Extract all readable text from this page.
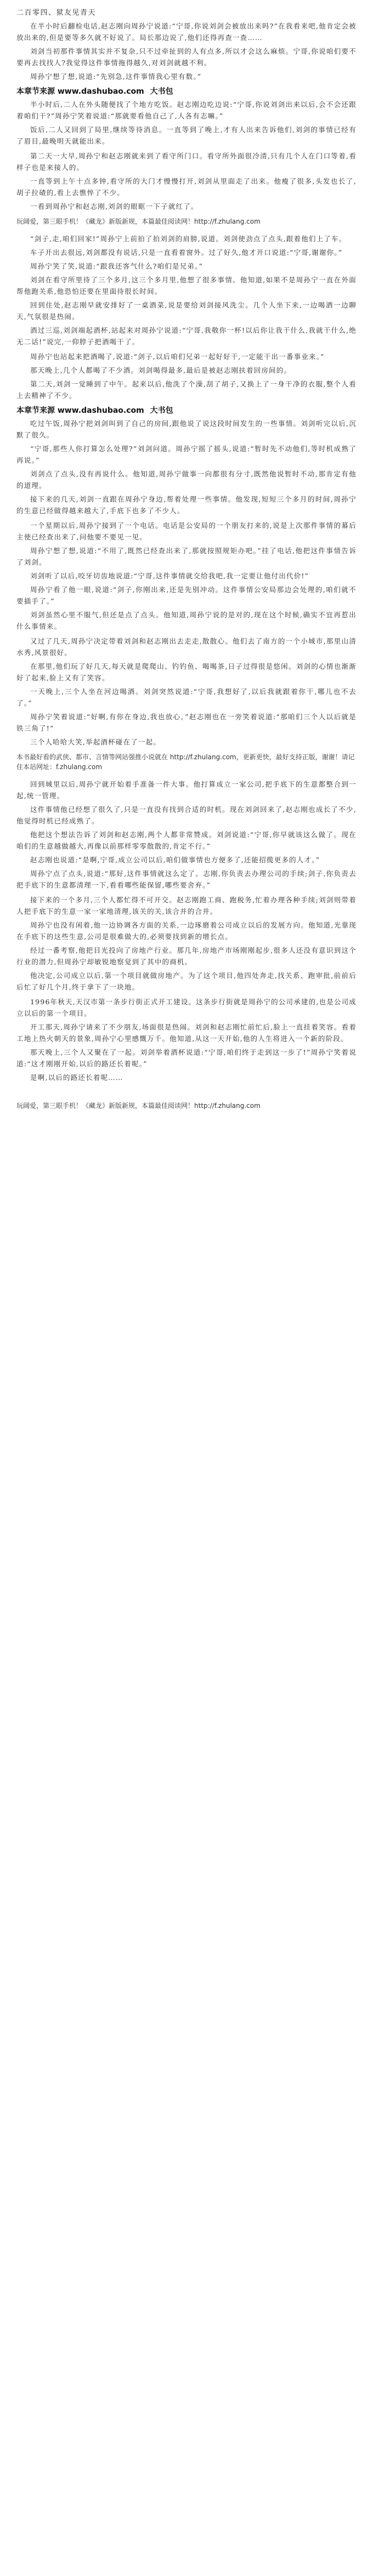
二百零四、狱友见青天

在半小时后翻检电话,赵志刚向周孙宁说道:“宁哥,你说刘剑会被放出来吗?”在我看来吧,他肯定会被放出来的,但是要等多久就不好说了。局长那边说了,他们还得再查一查……

刘剑当初那件事情其实并不复杂,只不过牵扯到的人有点多,所以才会这么麻烦。宁哥,你说咱们要不要再去找找人?我觉得这件事情拖得越久,对刘剑就越不利。

周孙宁想了想,说道:“先别急,这件事情我心里有数。”

本章节来源 www.dashubao.com 大书包

半小时后,二人在外头随便找了个地方吃饭。赵志刚边吃边说:“宁哥,你说刘剑出来以后,会不会还跟着咱们干?”周孙宁笑着说道:“那就要看他自己了,人各有志嘛。”

饭后,二人又回到了局里,继续等待消息。一直等到了晚上,才有人出来告诉他们,刘剑的事情已经有了眉目,最晚明天就能出来。

第二天一大早,周孙宁和赵志刚就来到了看守所门口。看守所外面很冷清,只有几个人在门口等着,看样子也是来接人的。

一直等到上午十点多钟,看守所的大门才慢慢打开,刘剑从里面走了出来。他瘦了很多,头发也长了,胡子拉碴的,看上去憔悴了不少。

一看到周孙宁和赵志刚,刘剑的眼眶一下子就红了。

玩阔爱，第三眼手机！《藏龙》新版新规，本篇最佳阅读网！http://f.zhulang.com

“剑子,走,咱们回家!”周孙宁上前拍了拍刘剑的肩膀,说道。刘剑使劲点了点头,跟着他们上了车。

车子开出去很远,刘剑都没有说话,只是一直看着窗外。过了好久,他才开口说道:“宁哥,谢谢你。”

周孙宁笑了笑,说道:“跟我还客气什么?咱们是兄弟。”

刘剑在看守所里待了三个多月,这三个多月里,他想了很多事情。他知道,如果不是周孙宁一直在外面帮他跑关系,他恐怕还要在里面待很长时间。

回到住处,赵志刚早就安排好了一桌酒菜,说是要给刘剑接风洗尘。几个人坐下来,一边喝酒一边聊天,气氛很是热闹。

酒过三巡,刘剑端起酒杯,站起来对周孙宁说道:“宁哥,我敬你一杯!以后你让我干什么,我就干什么,绝无二话!”说完,一仰脖子把酒喝干了。

周孙宁也站起来把酒喝了,说道:“剑子,以后咱们兄弟一起好好干,一定能干出一番事业来。”

那天晚上,几个人都喝了不少酒。刘剑喝得最多,最后是被赵志刚扶着回房间的。

第二天,刘剑一觉睡到了中午。起来以后,他洗了个澡,刮了胡子,又换上了一身干净的衣服,整个人看上去精神了不少。

本章节来源 www.dashubao.com 大书包

吃过午饭,周孙宁把刘剑叫到了自己的房间,跟他说了说这段时间发生的一些事情。刘剑听完以后,沉默了很久。

“宁哥,那些人你打算怎么处理?”刘剑问道。周孙宁摇了摇头,说道:“暂时先不动他们,等时机成熟了再说。”

刘剑点了点头,没有再说什么。他知道,周孙宁做事一向都很有分寸,既然他说暂时不动,那肯定有他的道理。

接下来的几天,刘剑一直跟在周孙宁身边,帮着处理一些事情。他发现,短短三个多月的时间,周孙宁的生意已经做得越来越大了,手底下也多了不少人。

一个星期以后,周孙宁接到了一个电话。电话是公安局的一个朋友打来的,说是上次那件事情的幕后主使已经查出来了,问他要不要见一见。

周孙宁想了想,说道:“不用了,既然已经查出来了,那就按照规矩办吧。”挂了电话,他把这件事情告诉了刘剑。

刘剑听了以后,咬牙切齿地说道:“宁哥,这件事情就交给我吧,我一定要让他付出代价!”

周孙宁看了他一眼,说道:“剑子,你刚出来,还是先别冲动。这件事情公安局那边会处理的,咱们就不要插手了。”

刘剑虽然心里不服气,但还是点了点头。他知道,周孙宁说的是对的,现在这个时候,确实不宜再惹出什么事情来。

又过了几天,周孙宁决定带着刘剑和赵志刚出去走走,散散心。他们去了南方的一个小城市,那里山清水秀,风景很好。

在那里,他们玩了好几天,每天就是爬爬山、钓钓鱼、喝喝茶,日子过得很是悠闲。刘剑的心情也渐渐好了起来,脸上又有了笑容。

一天晚上,三个人坐在河边喝酒。刘剑突然说道:“宁哥,我想好了,以后我就跟着你干,哪儿也不去了。”

周孙宁笑着说道:“好啊,有你在身边,我也放心。”赵志刚也在一旁笑着说道:“那咱们三个人以后就是铁三角了!”

三个人哈哈大笑,举起酒杯碰在了一起。

本书最好看的武侠、都市、言情等网站强推小说就在 http://f.zhulang.com，更新更快，最好支持正版，谢谢！请记住本站网址：f.zhulang.com

回到城里以后,周孙宁就开始着手准备一件大事。他打算成立一家公司,把手底下的生意都整合到一起,统一管理。

这件事情他已经想了很久了,只是一直没有找到合适的时机。现在刘剑回来了,赵志刚也成长了不少,他觉得时机已经成熟了。

他把这个想法告诉了刘剑和赵志刚,两个人都非常赞成。刘剑说道:“宁哥,你早就该这么做了。现在咱们的生意越做越大,再像以前那样零零散散的,肯定不行。”

赵志刚也说道:“是啊,宁哥,成立公司以后,咱们做事情也方便多了,还能招揽更多的人才。”

周孙宁点了点头,说道:“那好,这件事情就这么定了。志刚,你负责去办理公司的手续;剑子,你负责去把手底下的生意都清理一下,看看哪些能保留,哪些要舍弃。”

接下来的一个多月,三个人都忙得不可开交。赵志刚跑工商、跑税务,忙着办理各种手续;刘剑则带着人把手底下的生意一家一家地清理,该关的关,该合并的合并。

周孙宁也没有闲着,他一边协调各方面的关系,一边琢磨着公司成立以后的发展方向。他知道,光靠现在手底下的这些生意,公司是很难做大的,必须要找到新的增长点。

经过一番考察,他把目光投向了房地产行业。那几年,房地产市场刚刚起步,很多人还没有意识到这个行业的潜力,但周孙宁却敏锐地察觉到了其中的商机。

他决定,公司成立以后,第一个项目就做房地产。为了这个项目,他四处奔走,找关系、跑审批,前前后后忙了好几个月,终于拿下了一块地。

1996年秋天,天汉市第一条步行街正式开工建设。这条步行街就是周孙宁的公司承建的,也是公司成立以后的第一个项目。

开工那天,周孙宁请来了不少朋友,场面很是热闹。刘剑和赵志刚忙前忙后,脸上一直挂着笑容。看着工地上热火朝天的景象,周孙宁心里感慨万千。他知道,从这一天开始,他的人生将进入一个新的阶段。

那天晚上,三个人又聚在了一起。刘剑举着酒杯说道:“宁哥,咱们终于走到这一步了!”周孙宁笑着说道:“这才刚刚开始,以后的路还长着呢。”

是啊,以后的路还长着呢……

玩阔爱，第三眼手机！《藏龙》新版新规，本篇最佳阅读网！http://f.zhulang.com
